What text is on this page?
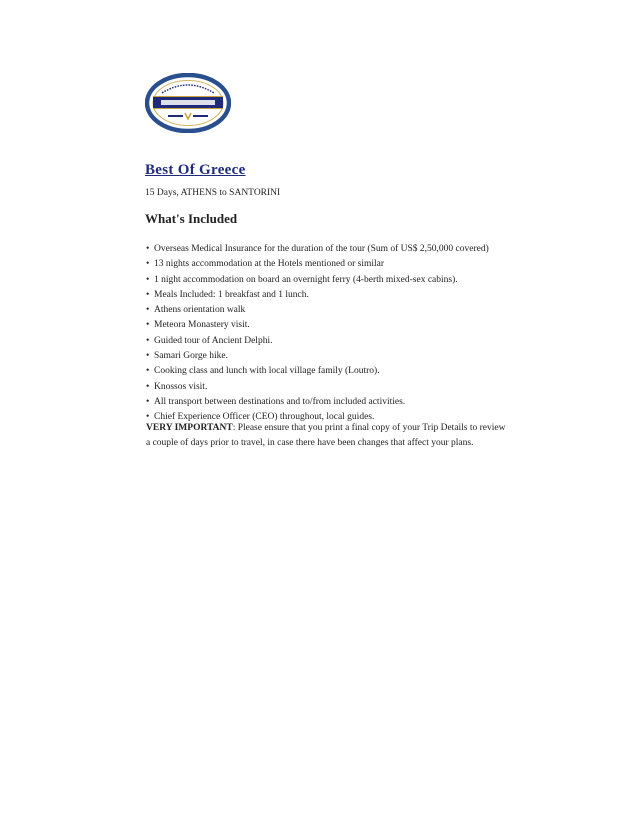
Best Of Greece

15 Days, ATHENS to SANTORINI

What's Included
• Overseas Medical Insurance for the duration of the tour (Sum of US$ 2,50,000 covered)
• 13 nights accommodation at the Hotels mentioned or similar
• 1 night accommodation on board an overnight ferry (4-berth mixed-sex cabins).
• Meals Included: 1 breakfast and 1 lunch.
• Athens orientation walk
• Meteora Monastery visit.
• Guided tour of Ancient Delphi.
• Samari Gorge hike.
• Cooking class and lunch with local village family (Loutro).
• Knossos visit.
• All transport between destinations and to/from included activities.
• Chief Experience Officer (CEO) throughout, local guides.

VERY IMPORTANT: Please ensure that you print a final copy of your Trip Details to review a couple of days prior to travel, in case there have been changes that affect your plans.
